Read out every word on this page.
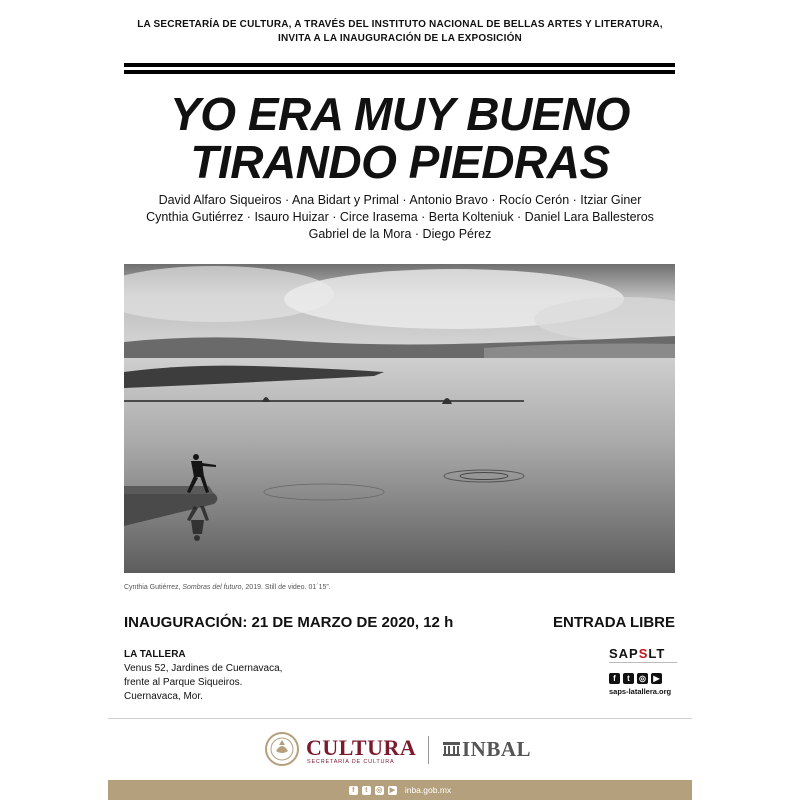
LA SECRETARÍA DE CULTURA, A TRAVÉS DEL INSTITUTO NACIONAL DE BELLAS ARTES Y LITERATURA,
INVITA A LA INAUGURACIÓN DE LA EXPOSICIÓN
YO ERA MUY BUENO
TIRANDO PIEDRAS
David Alfaro Siqueiros · Ana Bidart y Primal · Antonio Bravo · Rocío Cerón · Itziar Giner
Cynthia Gutiérrez · Isauro Huizar · Circe Irasema · Berta Kolteniuk · Daniel Lara Ballesteros
Gabriel de la Mora · Diego Pérez
Cynthia Gutiérrez, Sombras del futuro, 2019. Still de video. 01´15”.
INAUGURACIÓN: 21 DE MARZO DE 2020, 12 h	ENTRADA LIBRE
LA TALLERA
Venus 52, Jardines de Cuernavaca,
frente al Parque Siqueiros.
Cuernavaca, Mor.
SAPSLT
f	t	◎ ▶
saps-latallera.org
CULTURA
SECRETARÍA DE CULTURA
INBAL
f	t	◎ ▶ inba.gob.mx
